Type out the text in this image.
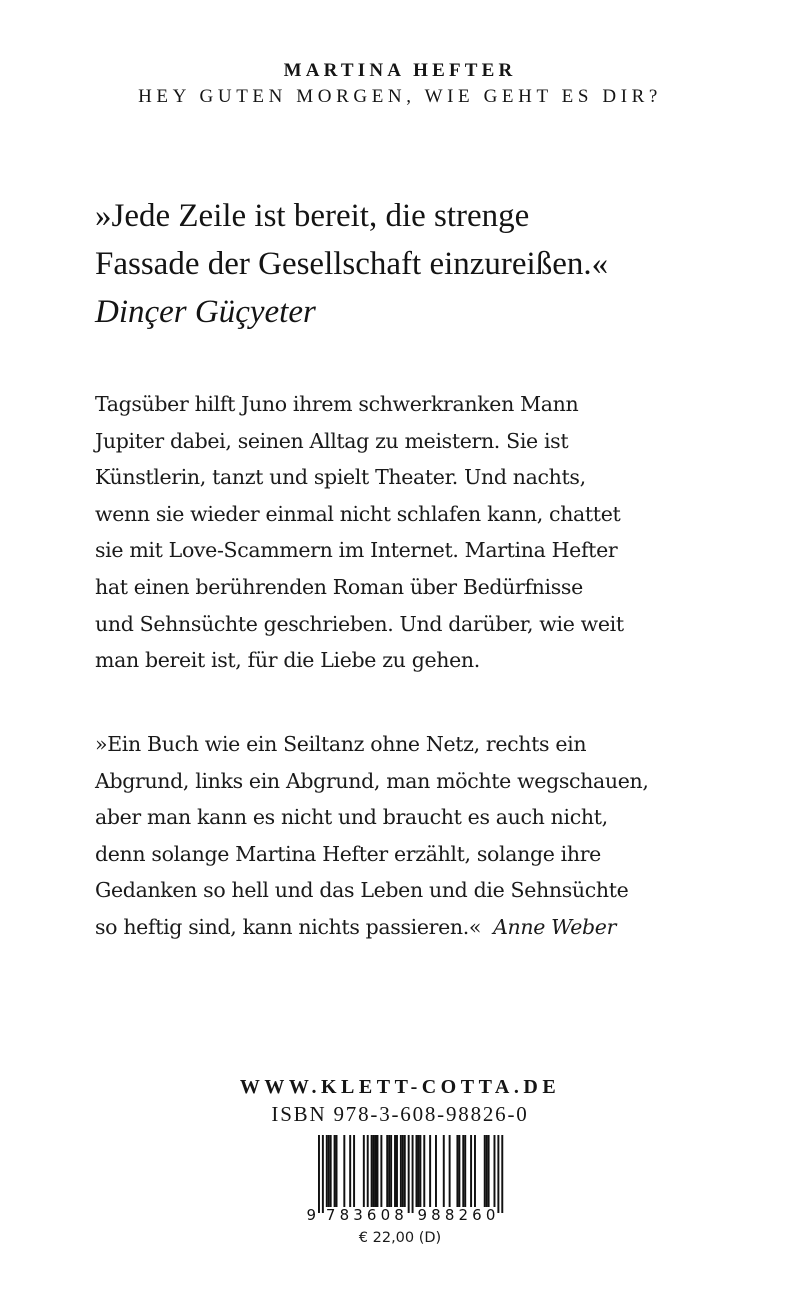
MARTINA HEFTER
HEY GUTEN MORGEN, WIE GEHT ES DIR?
»Jede Zeile ist bereit, die strenge
Fassade der Gesellschaft einzureißen.«
Dinçer Güçyeter
Tagsüber hilft Juno ihrem schwerkranken Mann
Jupiter dabei, seinen Alltag zu meistern. Sie ist
Künstlerin, tanzt und spielt Theater. Und nachts,
wenn sie wieder einmal nicht schlafen kann, chattet
sie mit Love-Scammern im Internet. Martina Hefter
hat einen berührenden Roman über Bedürfnisse
und Sehnsüchte geschrieben. Und darüber, wie weit
man bereit ist, für die Liebe zu gehen.
»Ein Buch wie ein Seiltanz ohne Netz, rechts ein
Abgrund, links ein Abgrund, man möchte wegschauen,
aber man kann es nicht und braucht es auch nicht,
denn solange Martina Hefter erzählt, solange ihre
Gedanken so hell und das Leben und die Sehnsüchte
so heftig sind, kann nichts passieren.« Anne Weber
WWW.KLETT-COTTA.DE
ISBN 978-3-608-98826-0
9 783608 988260
€ 22,00 (D)
